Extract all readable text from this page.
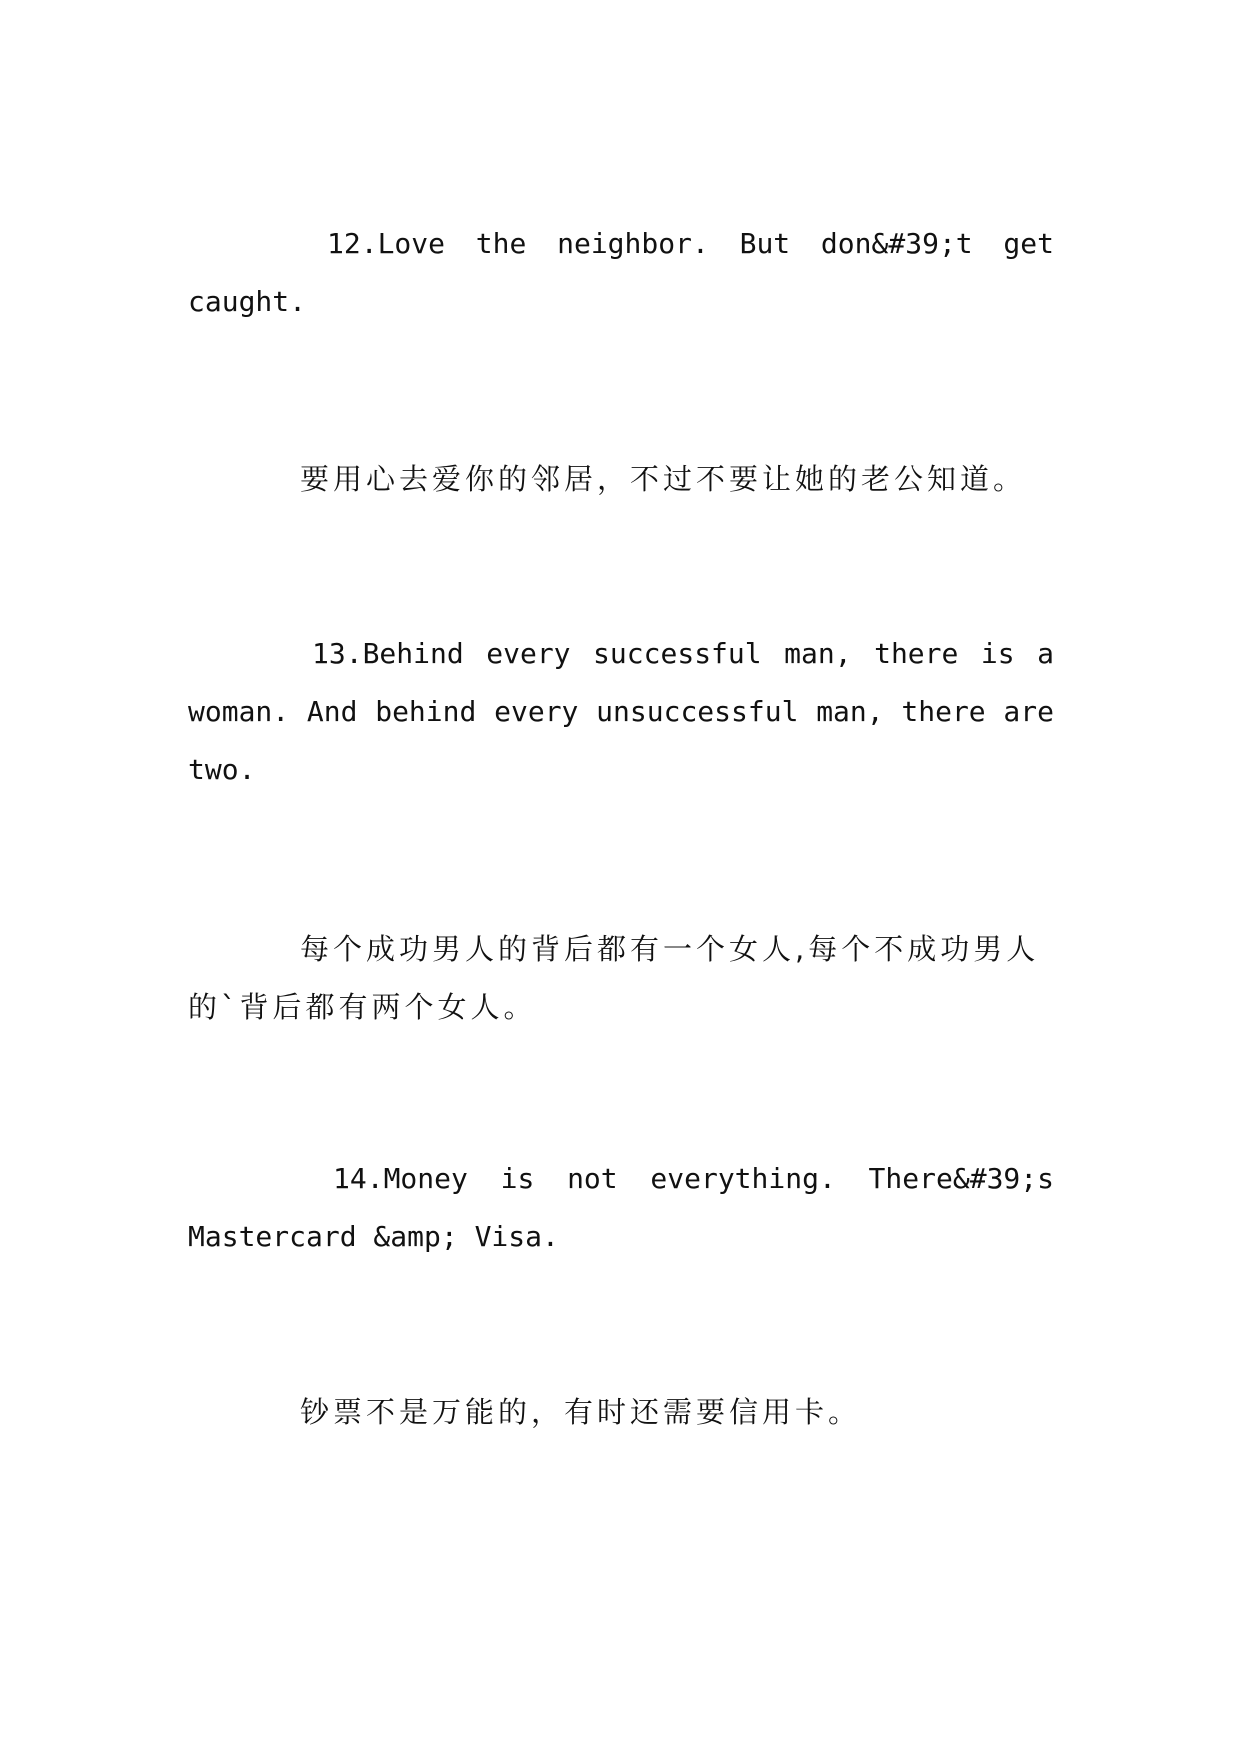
12.Love the neighbor. But don&#39;t get caught.

要用心去爱你的邻居，不过不要让她的老公知道。

13.Behind every successful man, there is a woman. And behind every unsuccessful man, there are two.

每个成功男人的背后都有一个女人,每个不成功男人的`背后都有两个女人。

14.Money is not everything. There&#39;s Mastercard &amp; Visa.

钞票不是万能的，有时还需要信用卡。
